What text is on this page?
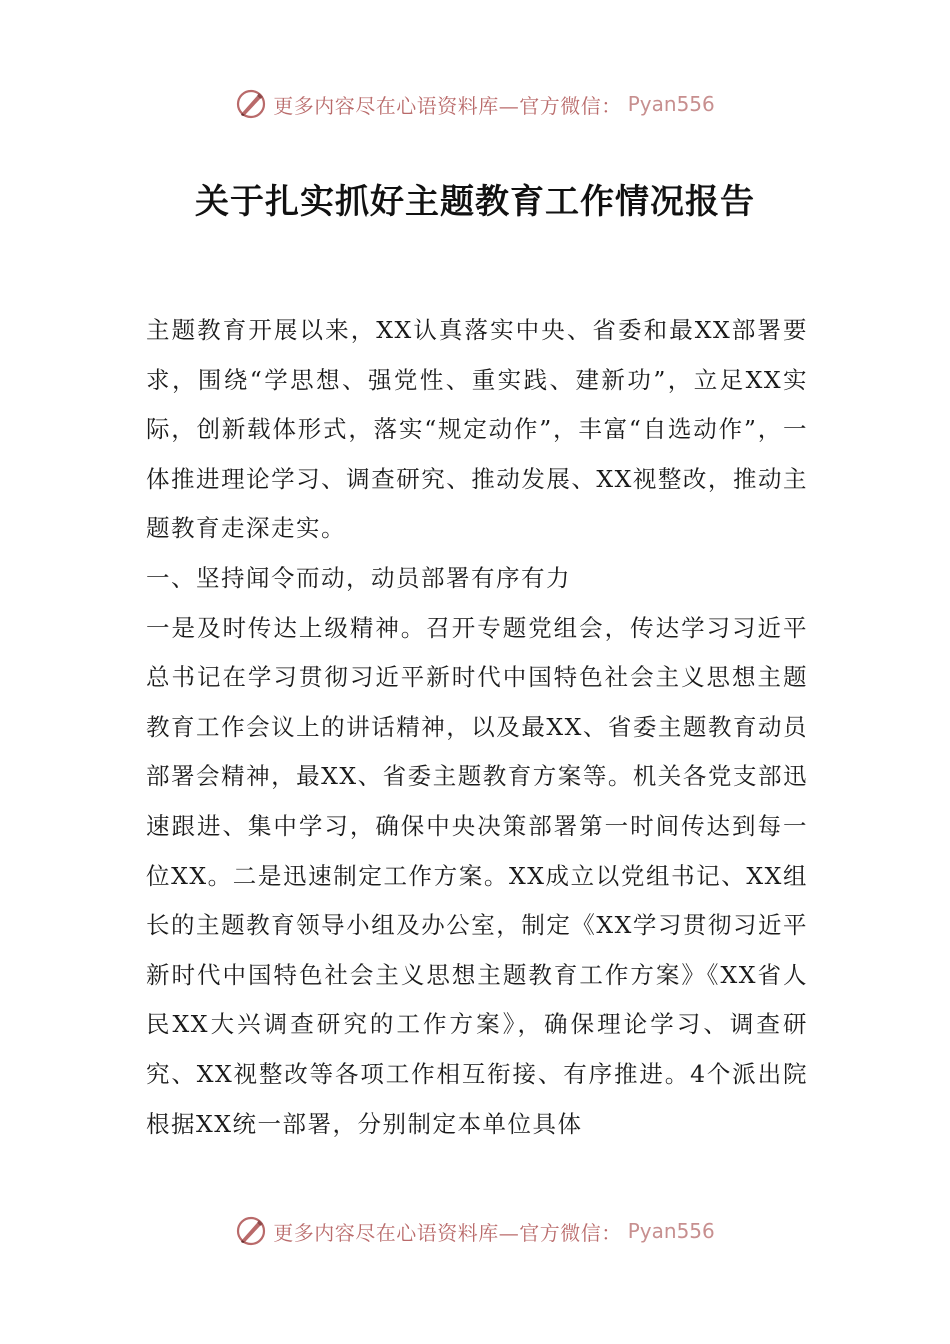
更多内容尽在心语资料库—官方微信： Pyan556
关于扎实抓好主题教育工作情况报告

主题教育开展以来，XX认真落实中央、省委和最XX部署要求，围绕“学思想、强党性、重实践、建新功”，立足XX实际，创新载体形式，落实“规定动作”，丰富“自选动作”，一体推进理论学习、调查研究、推动发展、XX视整改，推动主题教育走深走实。

一、坚持闻令而动，动员部署有序有力

一是及时传达上级精神。召开专题党组会，传达学习习近平总书记在学习贯彻习近平新时代中国特色社会主义思想主题教育工作会议上的讲话精神，以及最XX、省委主题教育动员部署会精神，最XX、省委主题教育方案等。机关各党支部迅速跟进、集中学习，确保中央决策部署第一时间传达到每一位XX。二是迅速制定工作方案。XX成立以党组书记、XX组长的主题教育领导小组及办公室，制定《XX学习贯彻习近平新时代中国特色社会主义思想主题教育工作方案》《XX省人民XX大兴调查研究的工作方案》，确保理论学习、调查研究、XX视整改等各项工作相互衔接、有序推进。4个派出院根据XX统一部署，分别制定本单位具体

更多内容尽在心语资料库—官方微信： Pyan556
